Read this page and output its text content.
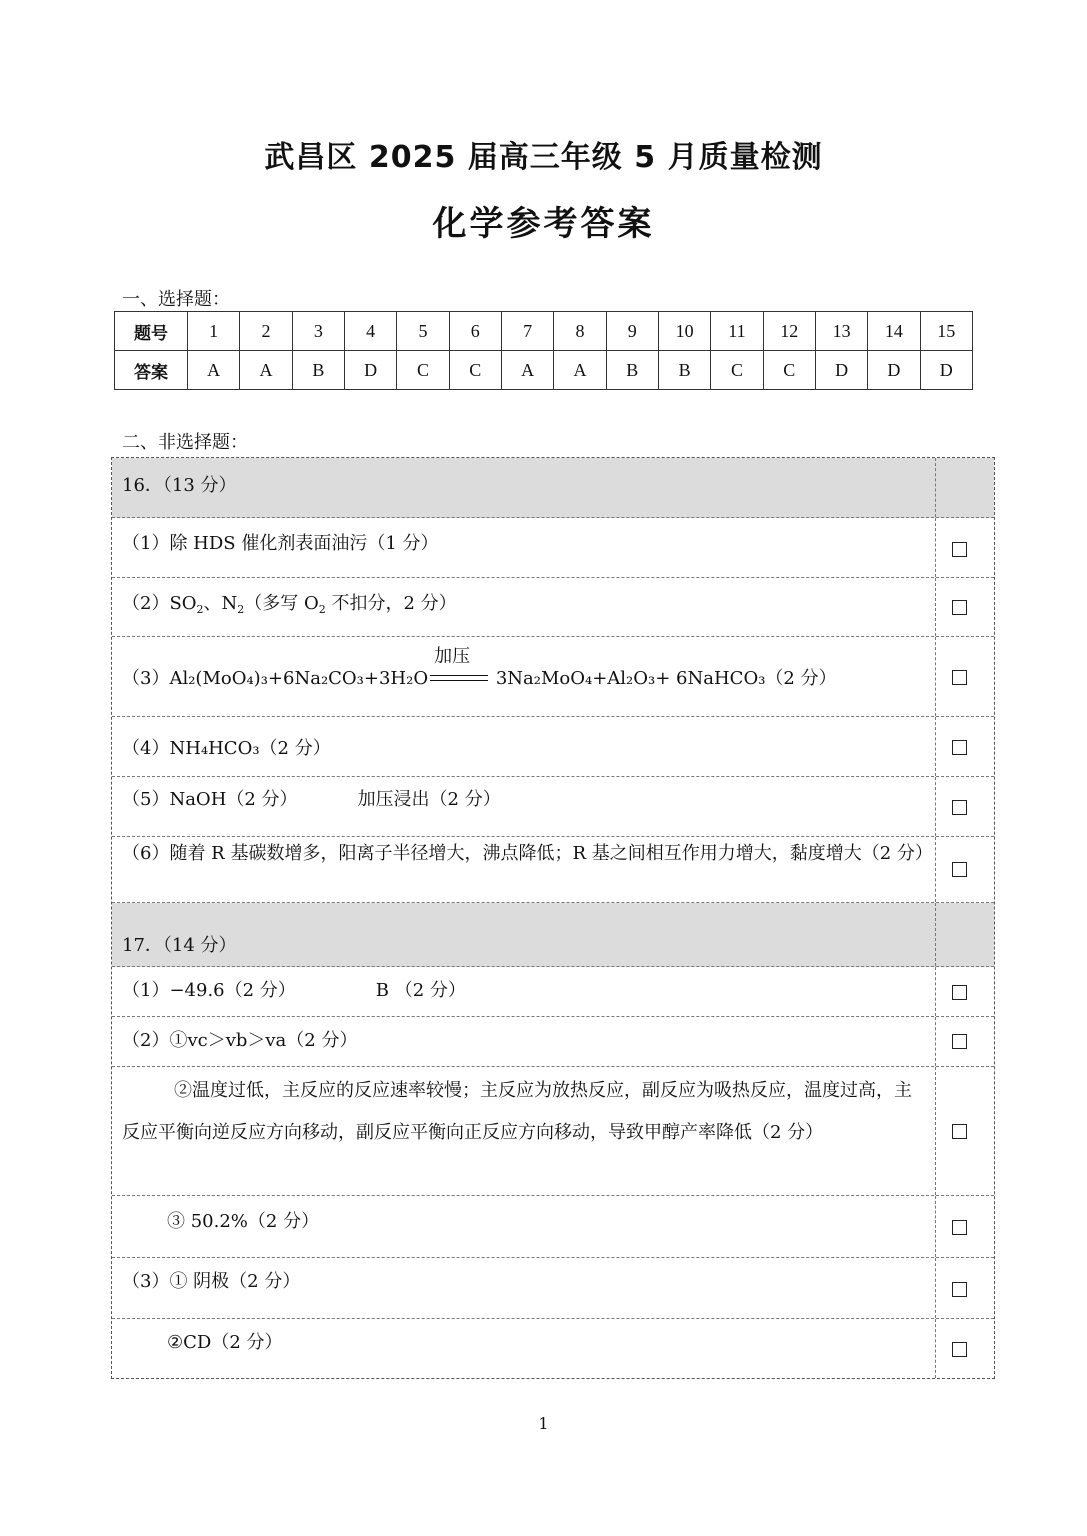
武昌区 2025 届高三年级 5 月质量检测
化学参考答案
一、选择题：
题号	1	2	3	4	5	6	7	8	9	10	11	12	13	14	15
答案	A	A	B	D	C	C	A	A	B	B	C	C	D	D	D
二、非选择题：
16．（13 分）
（1）除 HDS 催化剂表面油污（1 分）
$(2)SO_2$、$N_2$（多写 $O_2$ 不扣分，2 分）
（3）Al₂(MoO₄)₃+6Na₂CO₃+3H₂O
加压
3Na₂MoO₄+Al₂O₃+ 6NaHCO₃（2 分）
（4）NH₄HCO₃（2 分）
（5）NaOH（2 分）	加压浸出（2 分）
（6）随着 R 基碳数增多，阳离子半径增大，沸点降低；R 基之间相互作用力增大，黏度增大（2 分）
17．（14 分）
（1）−49.6（2 分）	B （2 分）
（2）①vc＞vb＞va（2 分）
②温度过低，主反应的反应速率较慢；主反应为放热反应，副反应为吸热反应，温度过高，主反应平衡向逆反应方向移动，副反应平衡向正反应方向移动，导致甲醇产率降低（2 分）
③ 50.2%（2 分）
（3）① 阴极（2 分）
②CD（2 分）
1
